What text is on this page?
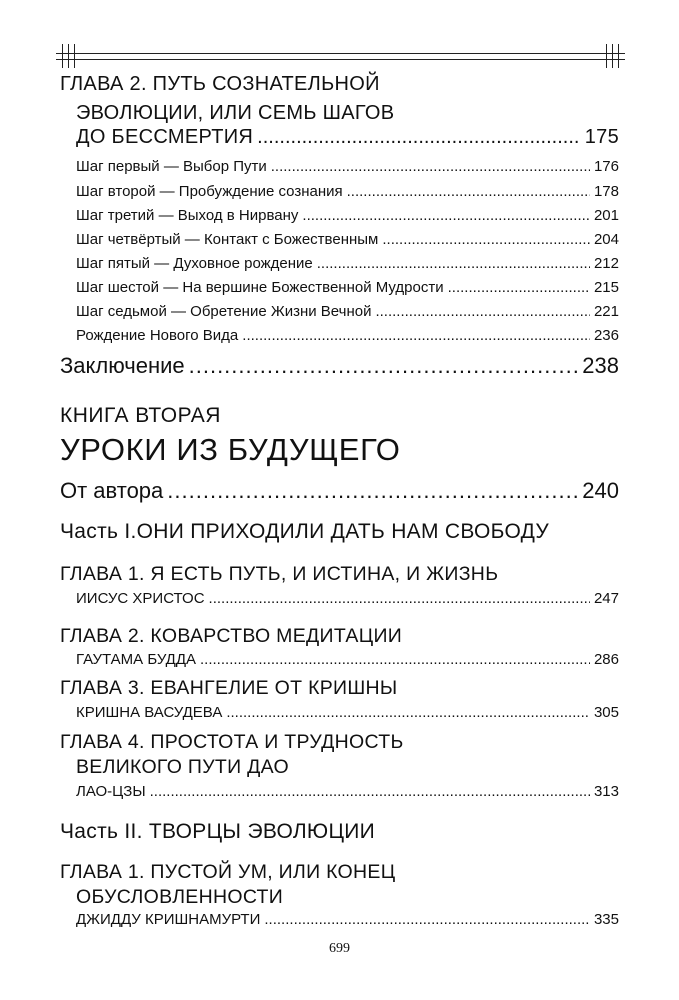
ГЛАВА 2. ПУТЬ СОЗНАТЕЛЬНОЙ
ЭВОЛЮЦИИ, ИЛИ СЕМЬ ШАГОВ
ДО БЕССМЕРТИЯ .....	175
Шаг первый — Выбор Пути .....	176
Шаг второй — Пробуждение сознания .....	178
Шаг третий — Выход в Нирвану .....	201
Шаг четвёртый — Контакт с Божественным .....	204
Шаг пятый — Духовное рождение .....	212
Шаг шестой — На вершине Божественной Мудрости .....	215
Шаг седьмой — Обретение Жизни Вечной .....	221
Рождение Нового Вида .....	236
Заключение .....	238
КНИГА ВТОРАЯ
УРОКИ ИЗ БУДУЩЕГО
От автора .....	240
Часть I.ОНИ ПРИХОДИЛИ ДАТЬ НАМ СВОБОДУ
ГЛАВА 1. Я ЕСТЬ ПУТЬ, И ИСТИНА, И ЖИЗНЬ
ИИСУС ХРИСТОС .....	247
ГЛАВА 2. КОВАРСТВО МЕДИТАЦИИ
ГАУТАМА БУДДА .....	286
ГЛАВА 3. ЕВАНГЕЛИЕ ОТ КРИШНЫ
КРИШНА ВАСУДЕВА .....	305
ГЛАВА 4. ПРОСТОТА И ТРУДНОСТЬ
ВЕЛИКОГО ПУТИ ДАО
ЛАО-ЦЗЫ .....	313
Часть II. ТВОРЦЫ ЭВОЛЮЦИИ
ГЛАВА 1. ПУСТОЙ УМ, ИЛИ КОНЕЦ
ОБУСЛОВЛЕННОСТИ
ДЖИДДУ КРИШНАМУРТИ .....	335
699
